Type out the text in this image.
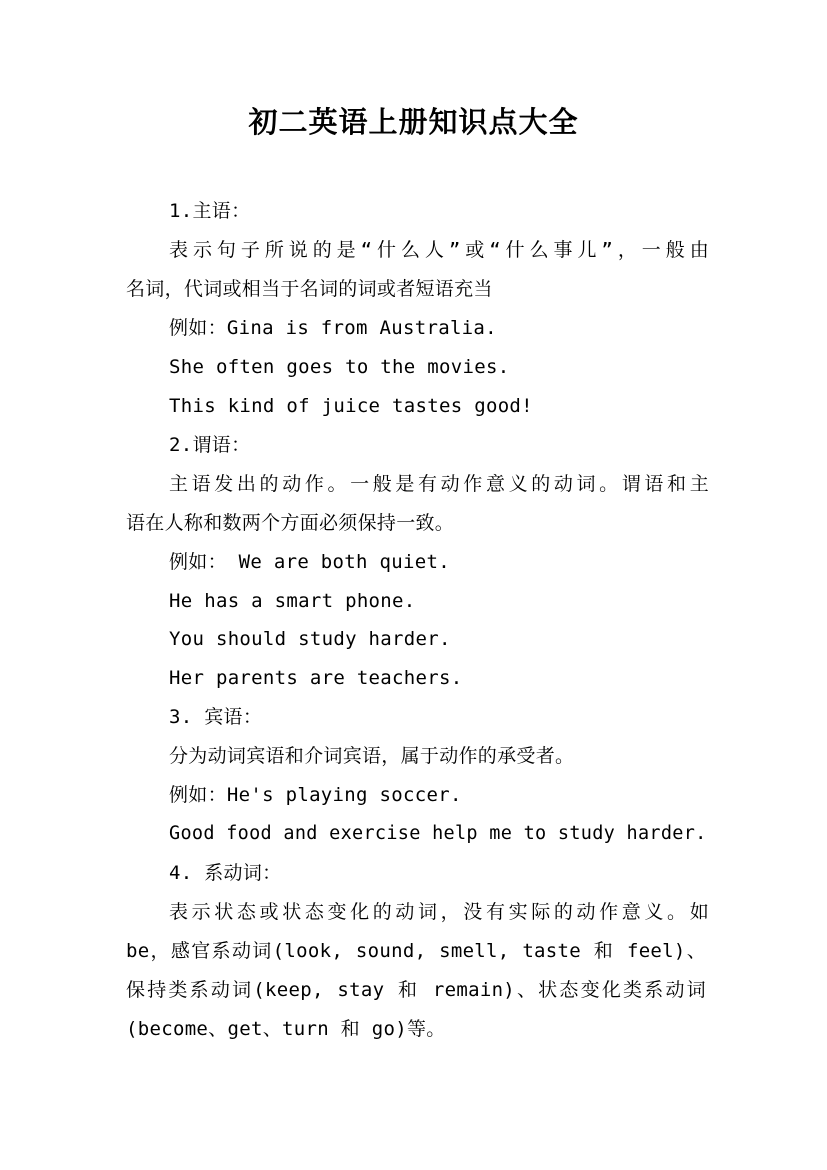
初二英语上册知识点大全
1.主语：
表示句子所说的是“什么人”或“什么事儿”，一般由
名词，代词或相当于名词的词或者短语充当
例如：Gina is from Australia.
She often goes to the movies.
This kind of juice tastes good!
2.谓语：
主语发出的动作。一般是有动作意义的动词。谓语和主
语在人称和数两个方面必须保持一致。
例如： We are both quiet.
He has a smart phone.
You should study harder.
Her parents are teachers.
3. 宾语：
分为动词宾语和介词宾语，属于动作的承受者。
例如：He's playing soccer.
Good food and exercise help me to study harder.
4. 系动词：
表示状态或状态变化的动词，没有实际的动作意义。如
be，感官系动词(look, sound, smell, taste 和 feel)、
保持类系动词(keep, stay 和 remain)、状态变化类系动词
(become、get、turn 和 go)等。
